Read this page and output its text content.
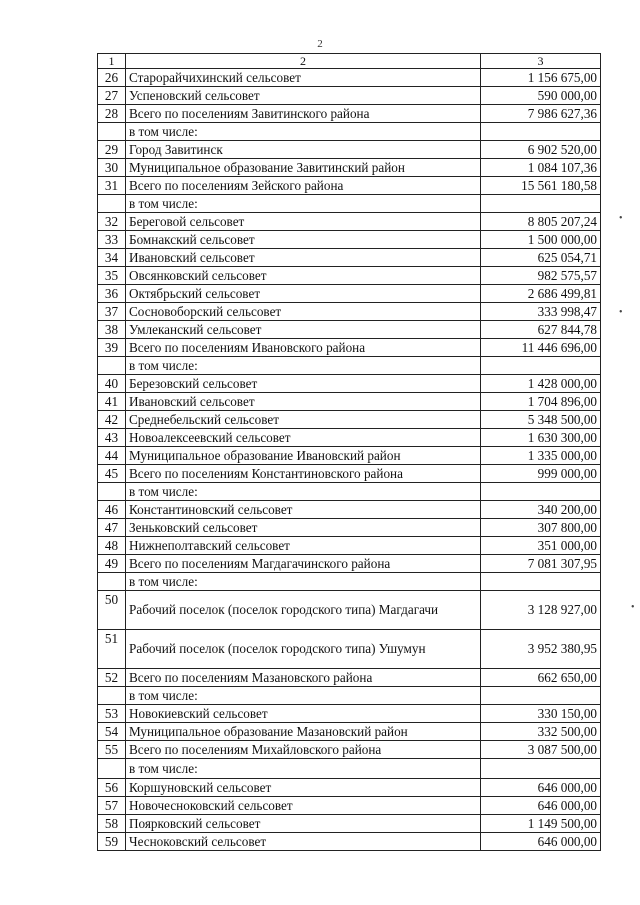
2
1	2	3
26	Старорайчихинский сельсовет	1 156 675,00
27	Успеновский сельсовет	590 000,00
28	Всего по поселениям Завитинского района	7 986 627,36
	в том числе:	
29	Город Завитинск	6 902 520,00
30	Муниципальное образование Завитинский район	1 084 107,36
31	Всего по поселениям Зейского района	15 561 180,58
	в том числе:	
32	Береговой сельсовет	8 805 207,24
33	Бомнакский сельсовет	1 500 000,00
34	Ивановский сельсовет	625 054,71
35	Овсянковский сельсовет	982 575,57
36	Октябрьский сельсовет	2 686 499,81
37	Сосновоборский сельсовет	333 998,47
38	Умлеканский сельсовет	627 844,78
39	Всего по поселениям Ивановского района	11 446 696,00
	в том числе:	
40	Березовский сельсовет	1 428 000,00
41	Ивановский сельсовет	1 704 896,00
42	Среднебельский сельсовет	5 348 500,00
43	Новоалексеевский сельсовет	1 630 300,00
44	Муниципальное образование Ивановский район	1 335 000,00
45	Всего по поселениям Константиновского района	999 000,00
	в том числе:	
46	Константиновский сельсовет	340 200,00
47	Зеньковский сельсовет	307 800,00
48	Нижнеполтавский сельсовет	351 000,00
49	Всего по поселениям Магдагачинского района	7 081 307,95
	в том числе:	
50	Рабочий поселок (поселок городского типа) Магдагачи	3 128 927,00
51	Рабочий поселок (поселок городского типа) Ушумун	3 952 380,95
52	Всего по поселениям Мазановского района	662 650,00
	в том числе:	
53	Новокиевский сельсовет	330 150,00
54	Муниципальное образование Мазановский район	332 500,00
55	Всего по поселениям Михайловского района	3 087 500,00
	в том числе:	
56	Коршуновский сельсовет	646 000,00
57	Новочесноковский сельсовет	646 000,00
58	Поярковский сельсовет	1 149 500,00
59	Чесноковский сельсовет	646 000,00
•
•
•
